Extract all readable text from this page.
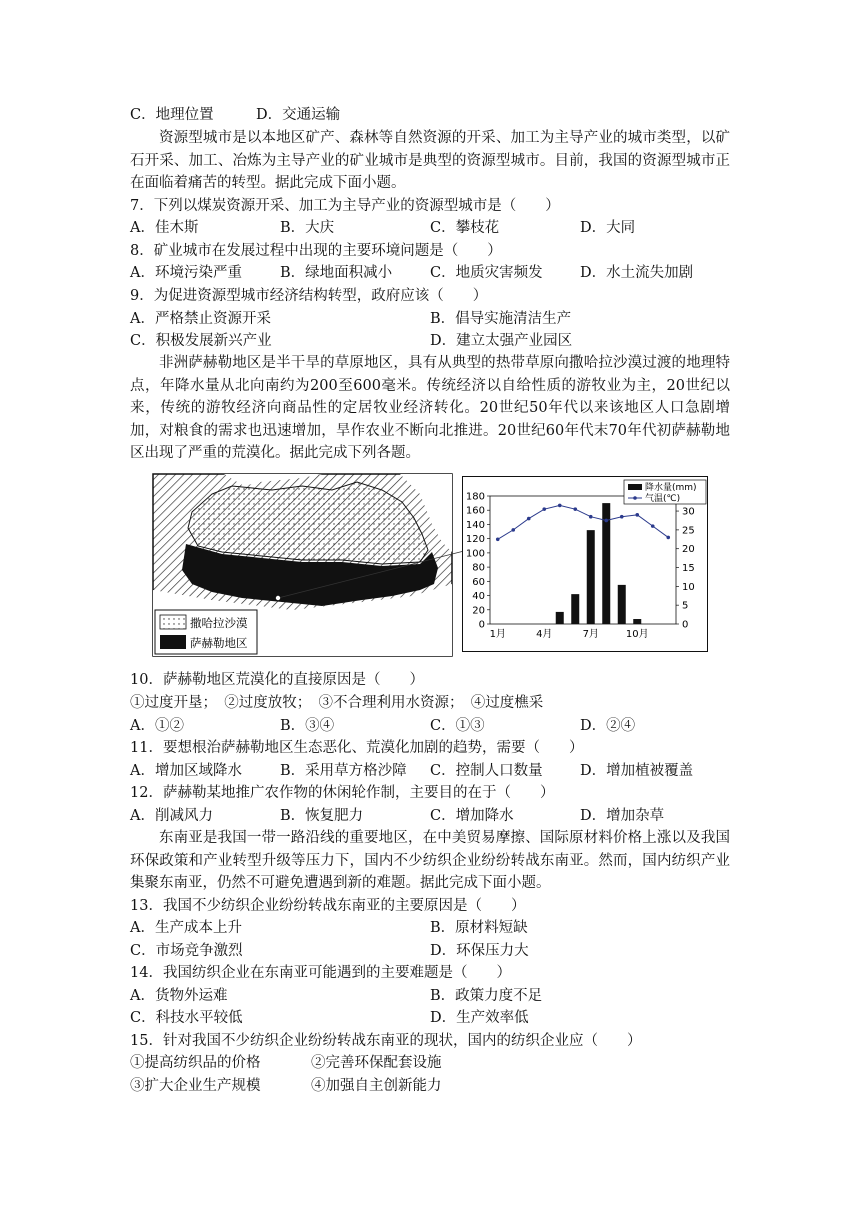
C．地理位置	D．交通运输
资源型城市是以本地区矿产、森林等自然资源的开采、加工为主导产业的城市类型，以矿石开采、加工、冶炼为主导产业的矿业城市是典型的资源型城市。目前，我国的资源型城市正在面临着痛苦的转型。据此完成下面小题。
7．下列以煤炭资源开采、加工为主导产业的资源型城市是（　　）
A．佳木斯	B．大庆	C．攀枝花	D．大同
8．矿业城市在发展过程中出现的主要环境问题是（　　）
A．环境污染严重	B．绿地面积减小	C．地质灾害频发	D．水土流失加剧
9．为促进资源型城市经济结构转型，政府应该（　　）
A．严格禁止资源开采	B．倡导实施清洁生产
C．积极发展新兴产业	D．建立太强产业园区
非洲萨赫勒地区是半干旱的草原地区，具有从典型的热带草原向撒哈拉沙漠过渡的地理特点，年降水量从北向南约为200至600毫米。传统经济以自给性质的游牧业为主，20世纪以来，传统的游牧经济向商品性的定居牧业经济转化。20世纪50年代以来该地区人口急剧增加，对粮食的需求也迅速增加，旱作农业不断向北推进。20世纪60年代末70年代初萨赫勒地区出现了严重的荒漠化。据此完成下列各题。
撒哈拉沙漠
萨赫勒地区
0
20
40
60
80
100
120
140
160
180
0
5
10
15
20
25
30
1月	4月	7月	10月
降水量(mm)
气温(℃)
10．萨赫勒地区荒漠化的直接原因是（　　）
①过度开垦；　②过度放牧；　③不合理利用水资源；　④过度樵采
A．①②	B．③④	C．①③	D．②④
11．要想根治萨赫勒地区生态恶化、荒漠化加剧的趋势，需要（　　）
A．增加区域降水	B．采用草方格沙障 C．控制人口数量	D．增加植被覆盖
12．萨赫勒某地推广农作物的休闲轮作制，主要目的在于（　　）
A．削减风力	B．恢复肥力	C．增加降水	D．增加杂草
东南亚是我国一带一路沿线的重要地区，在中美贸易摩擦、国际原材料价格上涨以及我国环保政策和产业转型升级等压力下，国内不少纺织企业纷纷转战东南亚。然而，国内纺织产业集聚东南亚，仍然不可避免遭遇到新的难题。据此完成下面小题。
13．我国不少纺织企业纷纷转战东南亚的主要原因是（　　）
A．生产成本上升	B．原材料短缺
C．市场竞争激烈	D．环保压力大
14．我国纺织企业在东南亚可能遇到的主要难题是（　　）
A．货物外运难	B．政策力度不足
C．科技水平较低	D．生产效率低
15．针对我国不少纺织企业纷纷转战东南亚的现状，国内的纺织企业应（　　）
①提高纺织品的价格	②完善环保配套设施
③扩大企业生产规模	④加强自主创新能力
